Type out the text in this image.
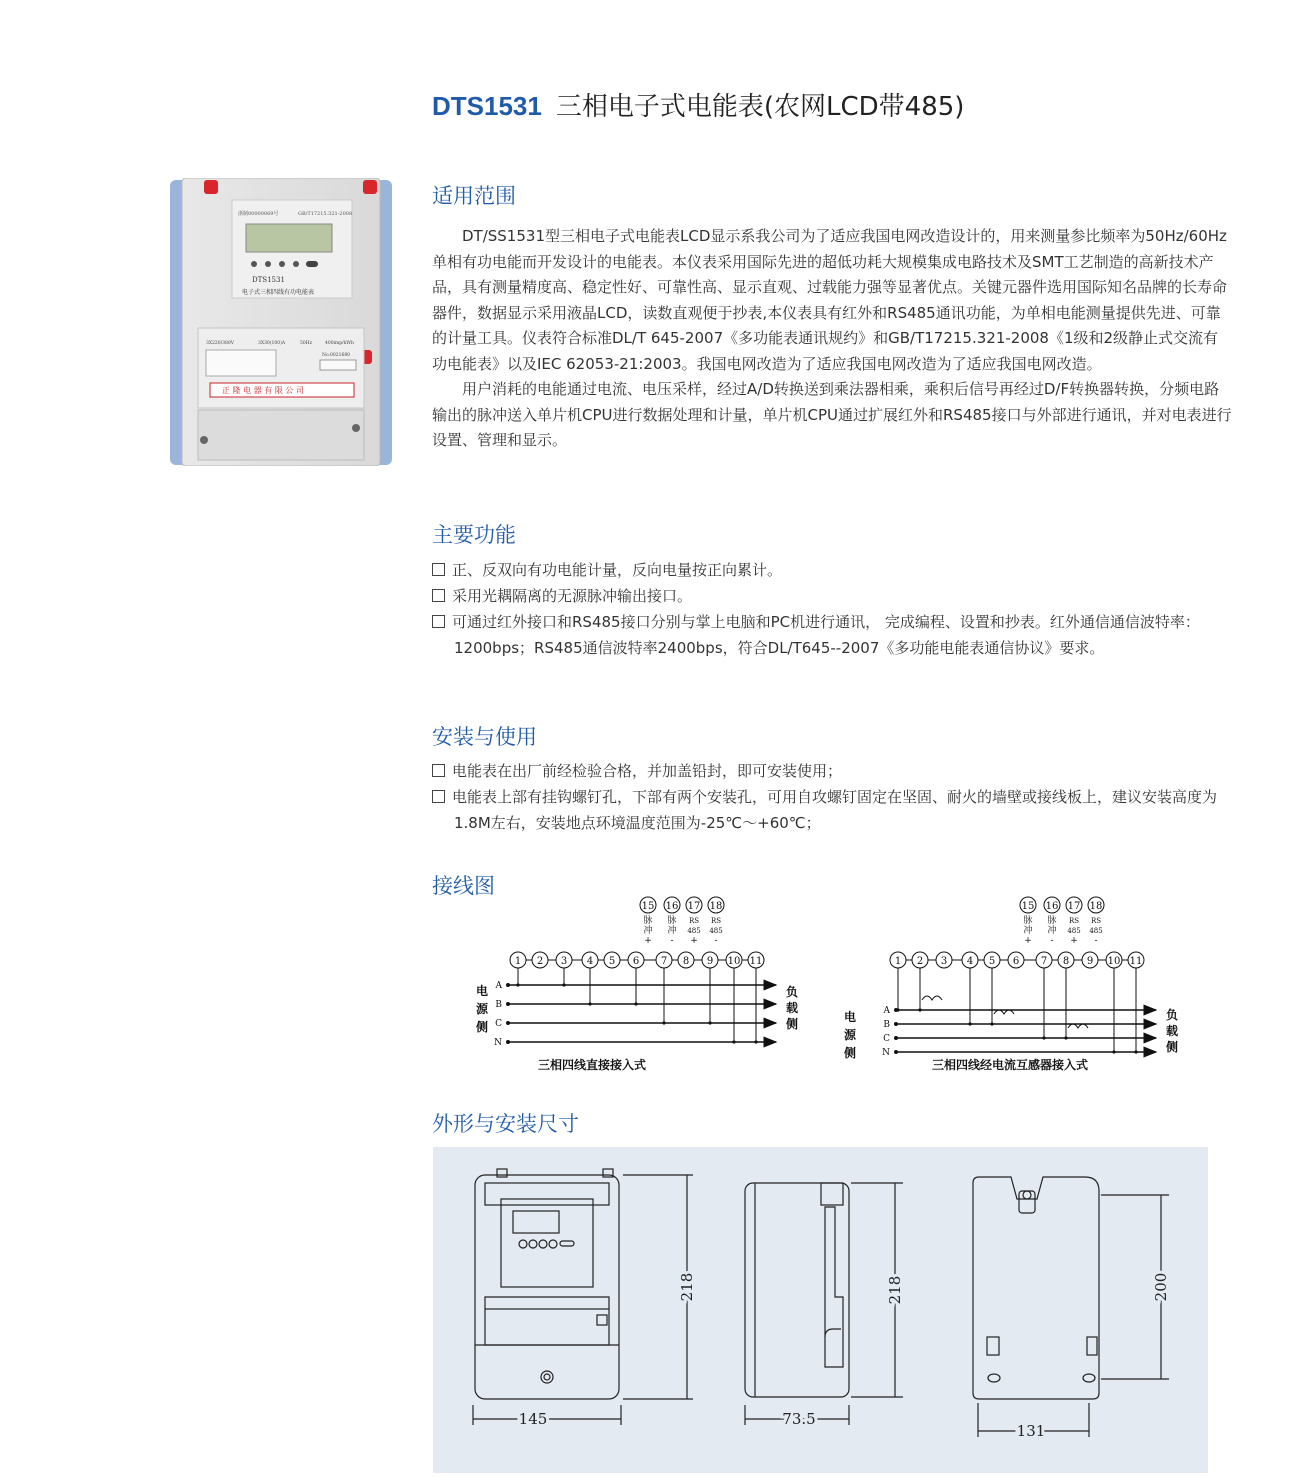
DTS1531 三相电子式电能表(农网LCD带485)
浙制00000069号	GB/T17215.321-2008
DTS1531
电子式三相四线有功电能表
3X220/380V	3X30(100)A	50Hz	400imp/kWh
No.0021680
正 隆 电 器 有 限 公 司
适用范围

DT/SS1531型三相电子式电能表LCD显示系我公司为了适应我国电网改造设计的，用来测量参比频率为50Hz/60Hz单相有功电能而开发设计的电能表。本仪表采用国际先进的超低功耗大规模集成电路技术及SMT工艺制造的高新技术产品，具有测量精度高、稳定性好、可靠性高、显示直观、过载能力强等显著优点。关键元器件选用国际知名品牌的长寿命器件，数据显示采用液晶LCD，读数直观便于抄表,本仪表具有红外和RS485通讯功能，为单相电能测量提供先进、可靠的计量工具。仪表符合标准DL/T 645-2007《多功能表通讯规约》和GB/T17215.321-2008《1级和2级静止式交流有功电能表》以及IEC 62053-21:2003。我国电网改造为了适应我国电网改造为了适应我国电网改造。

用户消耗的电能通过电流、电压采样，经过A/D转换送到乘法器相乘，乘积后信号再经过D/F转换器转换，分频电路输出的脉冲送入单片机CPU进行数据处理和计量，单片机CPU通过扩展红外和RS485接口与外部进行通讯，并对电表进行设置、管理和显示。

主要功能
正、反双向有功电能计量，反向电量按正向累计。
采用光耦隔离的无源脉冲输出接口。
可通过红外接口和RS485接口分别与掌上电脑和PC机进行通讯， 完成编程、设置和抄表。红外通信通信波特率：1200bps；RS485通信波特率2400bps，符合DL/T645--2007《多功能电能表通信协议》要求。
安装与使用
电能表在出厂前经检验合格，并加盖铅封，即可安装使用；
电能表上部有挂钩螺钉孔，下部有两个安装孔，可用自攻螺钉固定在坚固、耐火的墙壁或接线板上，建议安装高度为1.8M左右，安装地点环境温度范围为-25℃～+60℃；
接线图
1 2 3 4 5 6 7 8 9 10 11
15
脉
冲
+
16
脉
冲
-
17
RS
485
+
18
RS
485
-
A
B
C
N
电
源
侧
负
载
侧
三相四线直接接入式
1 2 3 4 5 6 7 8 9 10 11
15
脉
冲
+
16
脉
冲
-
17
RS
485
+
18
RS
485
-
A
B
C
N
电
源
侧
负
载
侧
三相四线经电流互感器接入式
外形与安装尺寸
145
218
73.5
218
131
200
